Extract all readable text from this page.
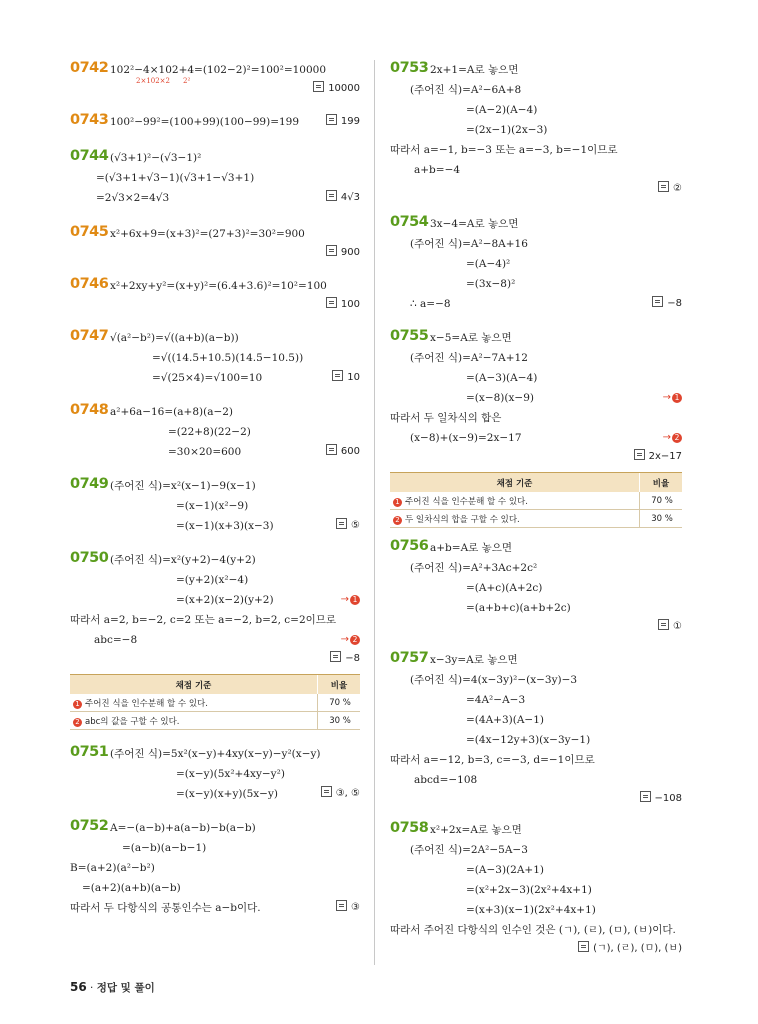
0742 102²−4×102+4=(102−2)²=100²=10000
2×102×2 2²
10000
0743 100²−99²=(100+99)(100−99)=199	199
0744 (√3+1)²−(√3−1)²
=(√3+1+√3−1)(√3+1−√3+1)
=2√3×2=4√3	4√3
0745 x²+6x+9=(x+3)²=(27+3)²=30²=900
900
0746 x²+2xy+y²=(x+y)²=(6.4+3.6)²=10²=100
100
0747 √(a²−b²)=√((a+b)(a−b))
=√((14.5+10.5)(14.5−10.5))
=√(25×4)=√100=10	10
0748 a²+6a−16=(a+8)(a−2)
=(22+8)(22−2)
=30×20=600	600
0749 (주어진 식)=x²(x−1)−9(x−1)
=(x−1)(x²−9)
=(x−1)(x+3)(x−3)	⑤
0750 (주어진 식)=x²(y+2)−4(y+2)
=(y+2)(x²−4)
=(x+2)(x−2)(y+2)	→ 1
따라서 a=2, b=−2, c=2 또는 a=−2, b=2, c=2이므로
abc=−8	→ 2
−8
채점 기준	비율
1 주어진 식을 인수분해 할 수 있다.	70 %
2 abc의 값을 구할 수 있다.	30 %
0751 (주어진 식)=5x²(x−y)+4xy(x−y)−y²(x−y)
=(x−y)(5x²+4xy−y²)
=(x−y)(x+y)(5x−y)	③, ⑤
0752 A=−(a−b)+a(a−b)−b(a−b)
=(a−b)(a−b−1)
B=(a+2)(a²−b²)
=(a+2)(a+b)(a−b)
따라서 두 다항식의 공통인수는 a−b이다.	③
0753 2x+1=A로 놓으면
(주어진 식)=A²−6A+8
=(A−2)(A−4)
=(2x−1)(2x−3)
따라서 a=−1, b=−3 또는 a=−3, b=−1이므로
a+b=−4
②
0754 3x−4=A로 놓으면
(주어진 식)=A²−8A+16
=(A−4)²
=(3x−8)²
∴ a=−8	−8
0755 x−5=A로 놓으면
(주어진 식)=A²−7A+12
=(A−3)(A−4)
=(x−8)(x−9)	→ 1
따라서 두 일차식의 합은
(x−8)+(x−9)=2x−17	→ 2
2x−17
채점 기준	비율
1 주어진 식을 인수분해 할 수 있다.	70 %
2 두 일차식의 합을 구할 수 있다.	30 %
0756 a+b=A로 놓으면
(주어진 식)=A²+3Ac+2c²
=(A+c)(A+2c)
=(a+b+c)(a+b+2c)
①
0757 x−3y=A로 놓으면
(주어진 식)=4(x−3y)²−(x−3y)−3
=4A²−A−3
=(4A+3)(A−1)
=(4x−12y+3)(x−3y−1)
따라서 a=−12, b=3, c=−3, d=−1이므로
abcd=−108
−108
0758 x²+2x=A로 놓으면
(주어진 식)=2A²−5A−3
=(A−3)(2A+1)
=(x²+2x−3)(2x²+4x+1)
=(x+3)(x−1)(2x²+4x+1)
따라서 주어진 다항식의 인수인 것은 (ㄱ), (ㄹ), (ㅁ), (ㅂ)이다.
(ㄱ), (ㄹ), (ㅁ), (ㅂ)
56 · 정답 및 풀이
